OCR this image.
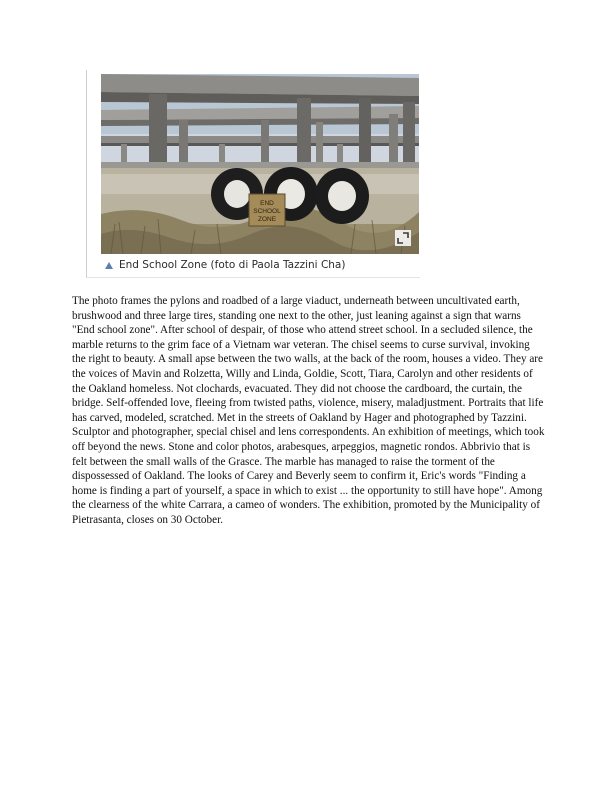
END
SCHOOL
ZONE
End School Zone (foto di Paola Tazzini Cha)

The photo frames the pylons and roadbed of a large viaduct, underneath between uncultivated earth, brushwood and three large tires, standing one next to the other, just leaning against a sign that warns "End school zone". After school of despair, of those who attend street school. In a secluded silence, the marble returns to the grim face of a Vietnam war veteran. The chisel seems to curse survival, invoking the right to beauty. A small apse between the two walls, at the back of the room, houses a video. They are the voices of Mavin and Rolzetta, Willy and Linda, Goldie, Scott, Tiara, Carolyn and other residents of the Oakland homeless. Not clochards, evacuated. They did not choose the cardboard, the curtain, the bridge. Self-offended love, fleeing from twisted paths, violence, misery, maladjustment. Portraits that life has carved, modeled, scratched. Met in the streets of Oakland by Hager and photographed by Tazzini. Sculptor and photographer, special chisel and lens correspondents. An exhibition of meetings, which took off beyond the news. Stone and color photos, arabesques, arpeggios, magnetic rondos. Abbrivio that is felt between the small walls of the Grasce. The marble has managed to raise the torment of the dispossessed of Oakland. The looks of Carey and Beverly seem to confirm it, Eric's words "Finding a home is finding a part of yourself, a space in which to exist ... the opportunity to still have hope". Among the clearness of the white Carrara, a cameo of wonders. The exhibition, promoted by the Municipality of Pietrasanta, closes on 30 October.
